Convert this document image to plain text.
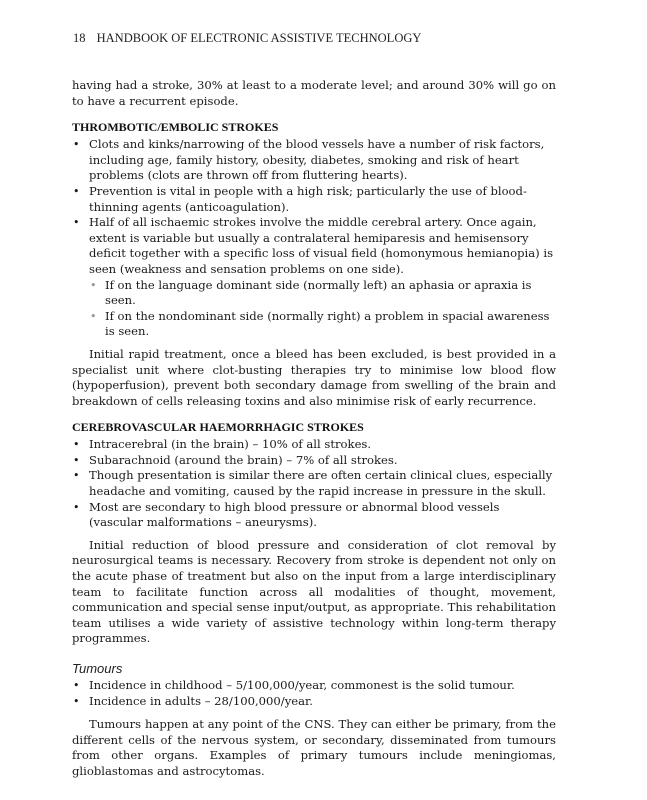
18 HANDBOOK OF ELECTRONIC ASSISTIVE TECHNOLOGY

having had a stroke, 30% at least to a moderate level; and around 30% will go on to have a recurrent episode.

THROMBOTIC/EMBOLIC STROKES
• Clots and kinks/narrowing of the blood vessels have a number of risk factors, including age, family history, obesity, diabetes, smoking and risk of heart problems (clots are thrown off from fluttering hearts).
• Prevention is vital in people with a high risk; particularly the use of blood-thinning agents (anticoagulation).
• Half of all ischaemic strokes involve the middle cerebral artery. Once again, extent is variable but usually a contralateral hemiparesis and hemisensory deficit together with a specific loss of visual field (homonymous hemianopia) is seen (weakness and sensation problems on one side).
• If on the language dominant side (normally left) an aphasia or apraxia is seen.
• If on the nondominant side (normally right) a problem in spacial awareness is seen.

Initial rapid treatment, once a bleed has been excluded, is best provided in a specialist unit where clot-busting therapies try to minimise low blood flow (hypoperfusion), prevent both secondary damage from swelling of the brain and breakdown of cells releasing toxins and also minimise risk of early recurrence.

CEREBROVASCULAR HAEMORRHAGIC STROKES
• Intracerebral (in the brain) – 10% of all strokes.
• Subarachnoid (around the brain) – 7% of all strokes.
• Though presentation is similar there are often certain clinical clues, especially headache and vomiting, caused by the rapid increase in pressure in the skull.
• Most are secondary to high blood pressure or abnormal blood vessels (vascular malformations – aneurysms).

Initial reduction of blood pressure and consideration of clot removal by neurosurgical teams is necessary. Recovery from stroke is dependent not only on the acute phase of treatment but also on the input from a large interdisciplinary team to facilitate function across all modalities of thought, movement, communication and special sense input/output, as appropriate. This rehabilitation team utilises a wide variety of assistive technology within long-term therapy programmes.

Tumours
• Incidence in childhood – 5/100,000/year, commonest is the solid tumour.
• Incidence in adults – 28/100,000/year.

Tumours happen at any point of the CNS. They can either be primary, from the different cells of the nervous system, or secondary, disseminated from tumours from other organs. Examples of primary tumours include meningiomas, glioblastomas and astrocytomas.
